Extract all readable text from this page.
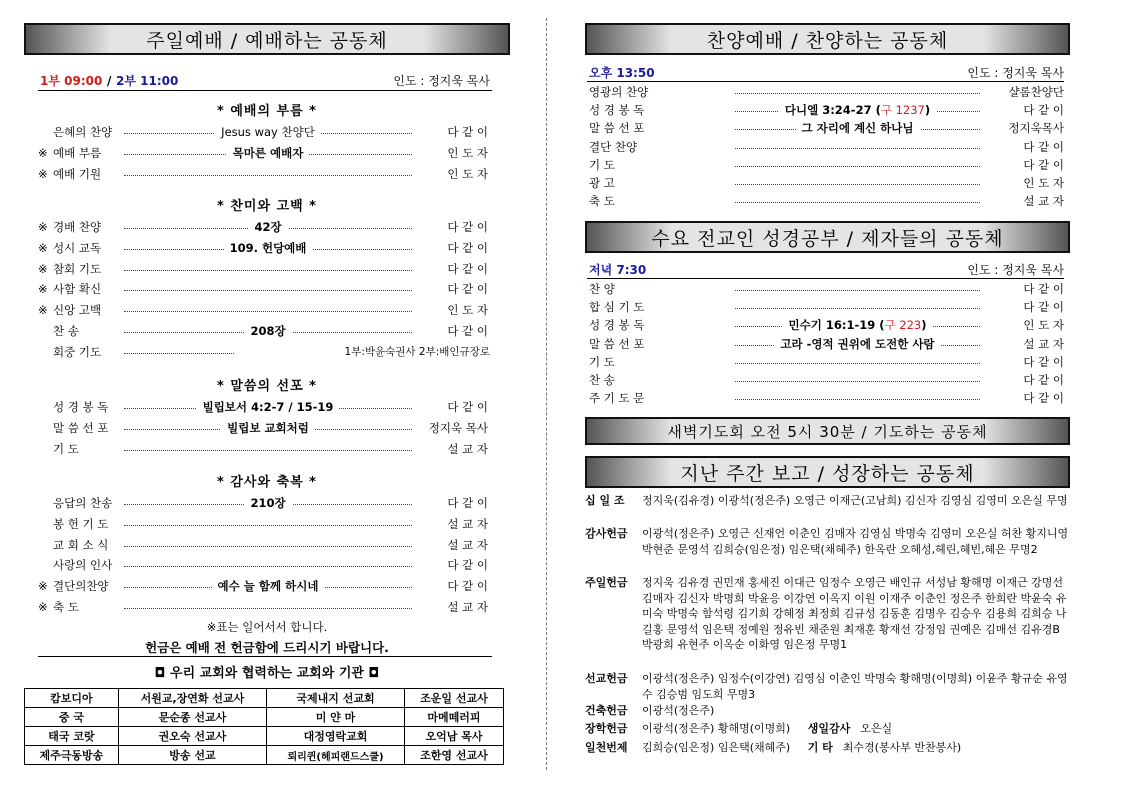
주일예배 / 예배하는 공동체
1부 09:00 / 2부 11:00	인도 : 정지욱 목사
* 예배의 부름 *
은혜의 찬양	Jesus way 찬양단	다 같 이
※ 예배 부름	목마른 예배자	인 도 자
※ 예배 기원	인 도 자
* 찬미와 고백 *
※ 경배 찬양	42장	다 같 이
※ 성시 교독	109. 헌당예배	다 같 이
※ 참회 기도	다 같 이
※ 사함 확신	다 같 이
※ 신앙 고백	인 도 자
찬 송	208장	다 같 이
회중 기도	1부:박윤숙권사 2부:배인규장로
* 말씀의 선포 *
성 경 봉 독	빌립보서 4:2-7 / 15-19	다 같 이
말 씀 선 포	빌립보 교회처럼	정지욱 목사
기 도	설 교 자
* 감사와 축복 *
응답의 찬송	210장	다 같 이
봉 헌 기 도	설 교 자
교 회 소 식	설 교 자
사랑의 인사	다 같 이
※ 결단의찬양	예수 늘 함께 하시네	다 같 이
※ 축 도	설 교 자
※표는 일어서서 합니다.
헌금은 예배 전 헌금함에 드리시기 바랍니다.
◘ 우리 교회와 협력하는 교회와 기관 ◘
캄보디아	서원교,장연화 선교사	국제내지 선교회	조운일 선교사
중 국	문순종 선교사	미 얀 마	마메떼러피
태국 코랏	권오숙 선교사	대정영락교회	오억남 목사
제주극동방송	방송 선교	뢰리퀸(헤피랜드스쿨)	조한영 선교사
찬양예배 / 찬양하는 공동체
오후 13:50	인도 : 정지욱 목사
영광의 찬양	샬롬찬양단
성 경 봉 독	다니엘 3:24-27 (구 1237)	다 같 이
말 씀 선 포	그 자리에 계신 하나님	정지욱목사
결단 찬양	다 같 이
기 도	다 같 이
광 고	인 도 자
축 도	설 교 자
수요 전교인 성경공부 / 제자들의 공동체
저녁 7:30	인도 : 정지욱 목사
찬 양	다 같 이
합 심 기 도	다 같 이
성 경 봉 독	민수기 16:1-19 (구 223)	인 도 자
말 씀 선 포	고라 -영적 권위에 도전한 사람	설 교 자
기 도	다 같 이
찬 송	다 같 이
주 기 도 문	다 같 이
새벽기도회 오전 5시 30분 / 기도하는 공동체
지난 주간 보고 / 성장하는 공동체
십 일 조 정지욱(김유경) 이광석(정은주) 오영근 이재근(고남희) 김신자 김영심 김영미 오은실 무명
감사헌금 이광석(정은주) 오영근 신재언 이춘인 김매자 김영심 박명숙 김영미 오은실 허찬 황지니영 박현준 문영석 김희승(임은정) 임은택(채혜주) 한옥란 오혜성,헤린,혜빈,혜은 무명2
주일헌금 정지욱 김유경 권민재 홍세진 이대근 임정수 오영근 배인규 서성남 황해명 이재근 강명선 김매자 김신자 박명희 박윤응 이강연 이옥지 이원 이재주 이춘인 정은주 한희란 박윤숙 유미숙 박명숙 함석령 김기희 강혜정 최정희 김규성 김동훈 김명우 김승우 김용희 김희승 나길홍 문영석 임은택 정예원 정유빈 채준원 최재훈 황재선 강정임 권예은 김매선 김유경B 박광희 유현주 이옥순 이화영 임은정 무명1
선교헌금 이광석(정은주) 임정수(이강연) 김영심 이춘인 박명숙 황해명(이명희) 이윤주 황규순 유영수 김승범 임도희 무명3
건축헌금 이광석(정은주)
장학헌금 이광석(정은주) 황해명(이명희) 생일감사 오은실
일천번제 김희승(임은정) 임은택(채혜주) 기 타 최수경(봉사부 반찬봉사)
